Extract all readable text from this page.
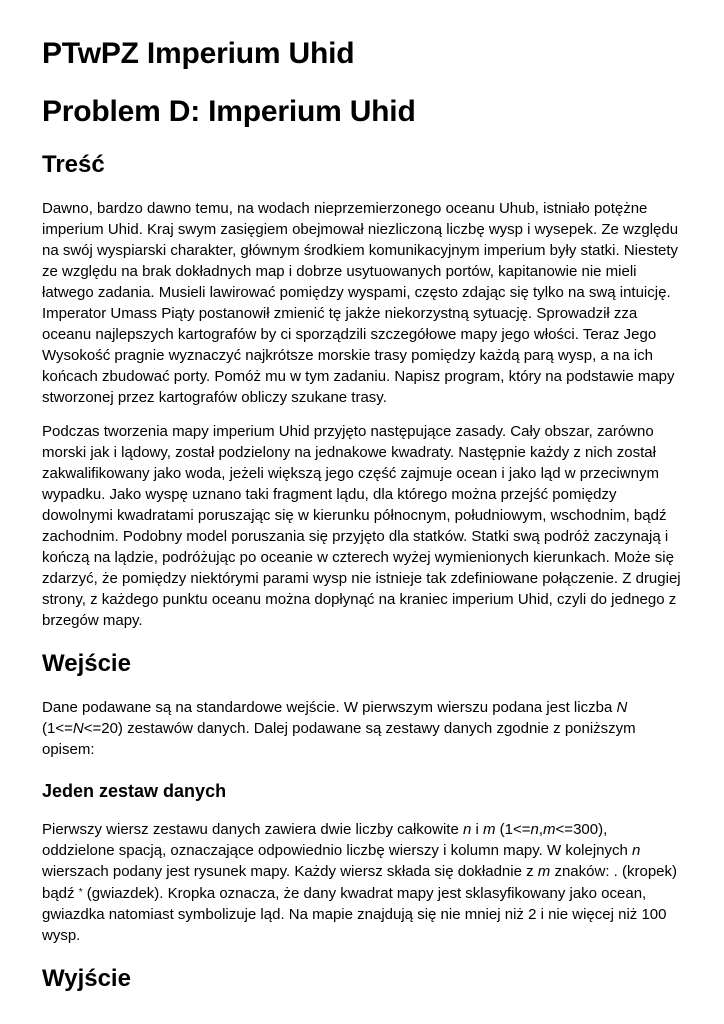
PTwPZ Imperium Uhid
Problem D: Imperium Uhid
Treść

Dawno, bardzo dawno temu, na wodach nieprzemierzonego oceanu Uhub, istniało potężne imperium Uhid. Kraj swym zasięgiem obejmował niezliczoną liczbę wysp i wysepek. Ze względu na swój wyspiarski charakter, głównym środkiem komunikacyjnym imperium były statki. Niestety ze względu na brak dokładnych map i dobrze usytuowanych portów, kapitanowie nie mieli łatwego zadania. Musieli lawirować pomiędzy wyspami, często zdając się tylko na swą intuicję. Imperator Umass Piąty postanowił zmienić tę jakże niekorzystną sytuację. Sprowadził zza oceanu najlepszych kartografów by ci sporządzili szczegółowe mapy jego włości. Teraz Jego Wysokość pragnie wyznaczyć najkrótsze morskie trasy pomiędzy każdą parą wysp, a na ich końcach zbudować porty. Pomóż mu w tym zadaniu. Napisz program, który na podstawie mapy stworzonej przez kartografów obliczy szukane trasy.

Podczas tworzenia mapy imperium Uhid przyjęto następujące zasady. Cały obszar, zarówno morski jak i lądowy, został podzielony na jednakowe kwadraty. Następnie każdy z nich został zakwalifikowany jako woda, jeżeli większą jego część zajmuje ocean i jako ląd w przeciwnym wypadku. Jako wyspę uznano taki fragment lądu, dla którego można przejść pomiędzy dowolnymi kwadratami poruszając się w kierunku północnym, południowym, wschodnim, bądź zachodnim. Podobny model poruszania się przyjęto dla statków. Statki swą podróż zaczynają i kończą na lądzie, podróżując po oceanie w czterech wyżej wymienionych kierunkach. Może się zdarzyć, że pomiędzy niektórymi parami wysp nie istnieje tak zdefiniowane połączenie. Z drugiej strony, z każdego punktu oceanu można dopłynąć na kraniec imperium Uhid, czyli do jednego z brzegów mapy.

Wejście

Dane podawane są na standardowe wejście. W pierwszym wierszu podana jest liczba N (1<=N<=20) zestawów danych. Dalej podawane są zestawy danych zgodnie z poniższym opisem:

Jeden zestaw danych

Pierwszy wiersz zestawu danych zawiera dwie liczby całkowite n i m (1<=n,m<=300), oddzielone spacją, oznaczające odpowiednio liczbę wierszy i kolumn mapy. W kolejnych n wierszach podany jest rysunek mapy. Każdy wiersz składa się dokładnie z m znaków: . (kropek) bądź * (gwiazdek). Kropka oznacza, że dany kwadrat mapy jest sklasyfikowany jako ocean, gwiazdka natomiast symbolizuje ląd. Na mapie znajdują się nie mniej niż 2 i nie więcej niż 100 wysp.

Wyjście
